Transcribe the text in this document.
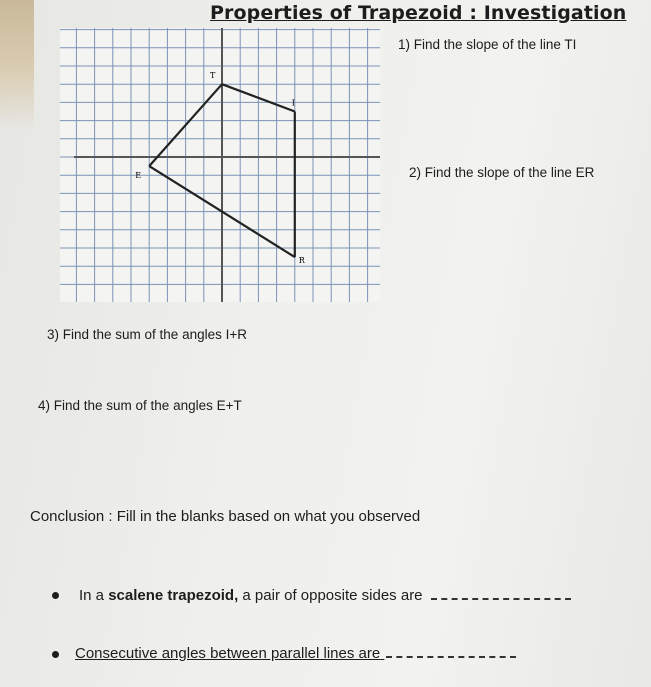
Properties of Trapezoid : Investigation
T
I
R
E
1) Find the slope of the line TI
2) Find the slope of the line ER
3) Find the sum of the angles I+R
4) Find the sum of the angles E+T
Conclusion : Fill in the blanks based on what you observed
In a scalene trapezoid, a pair of opposite sides are
Consecutive angles between parallel lines are
